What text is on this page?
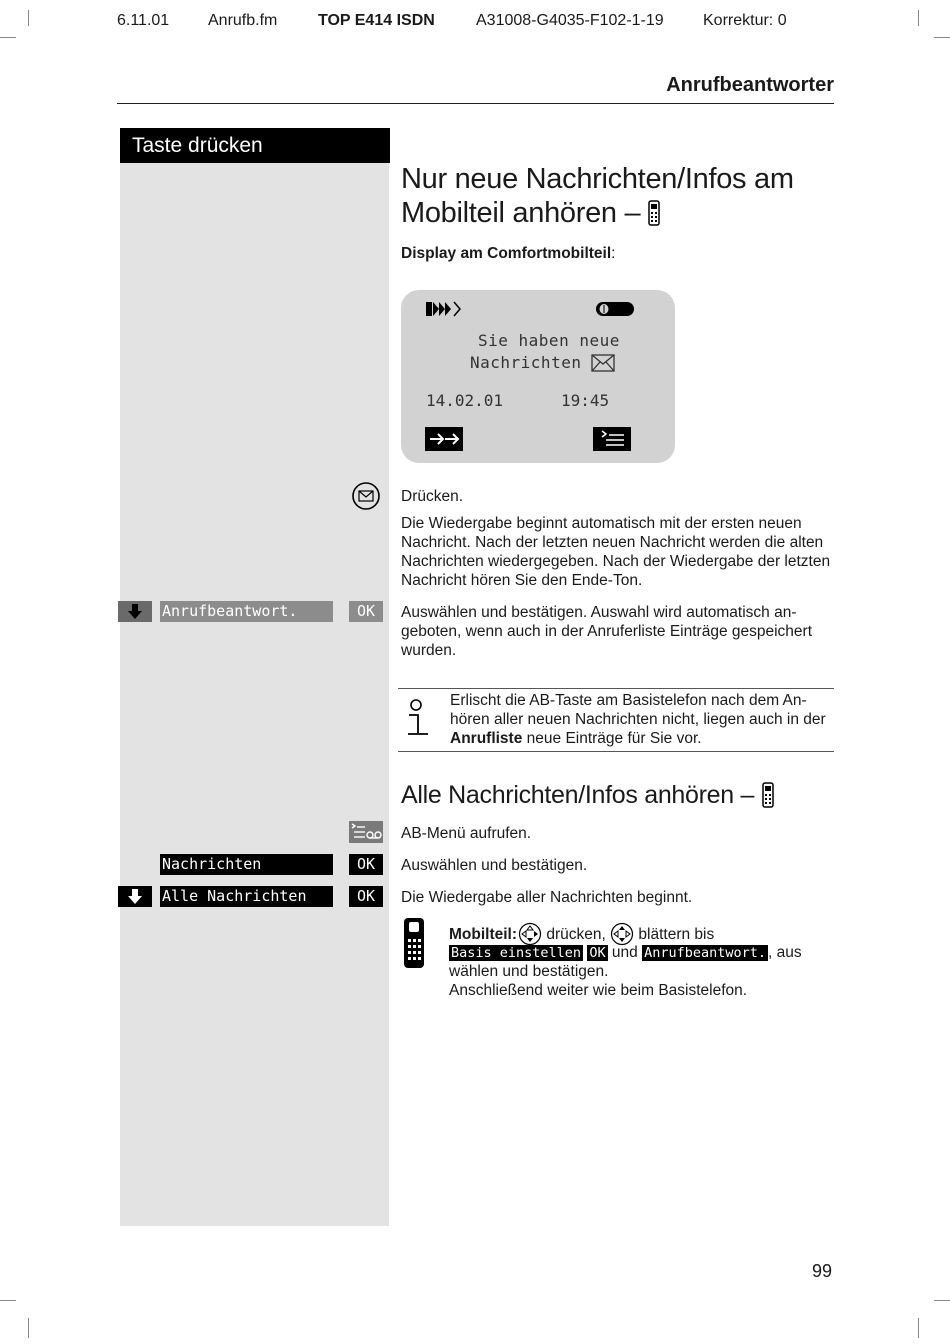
6.11.01 Anrufb.fm	TOP E414 ISDN	A31008-G4035-F102-1-19 Korrektur: 0
Anrufbeantworter
Taste drücken
Nur neue Nachrichten/Infos am
Mobilteil anhören –
Display am Comfortmobilteil:
Sie haben neue
Nachrichten
14.02.01	19:45
Drücken.
Die Wiedergabe beginnt automatisch mit der ersten neuen Nachricht. Nach der letzten neuen Nachricht werden die alten Nachrichten wiedergegeben. Nach der Wiedergabe der letzten Nachricht hören Sie den Ende-Ton.
Anrufbeantwort.	OK	Auswählen und bestätigen. Auswahl wird automatisch angeboten, wenn auch in der Anruferliste Einträge gespeichert wurden.
Erlischt die AB-Taste am Basistelefon nach dem Anhören aller neuen Nachrichten nicht, liegen auch in der Anrufliste neue Einträge für Sie vor.
Alle Nachrichten/Infos anhören –
AB-Menü aufrufen.
Nachrichten	OK	Auswählen und bestätigen.
Alle Nachrichten	OK	Die Wiedergabe aller Nachrichten beginnt.
Mobilteil: drücken, blättern bis
Basis einstellen OK und Anrufbeantwort. , aus
wählen und bestätigen.
Anschließend weiter wie beim Basistelefon.
99
